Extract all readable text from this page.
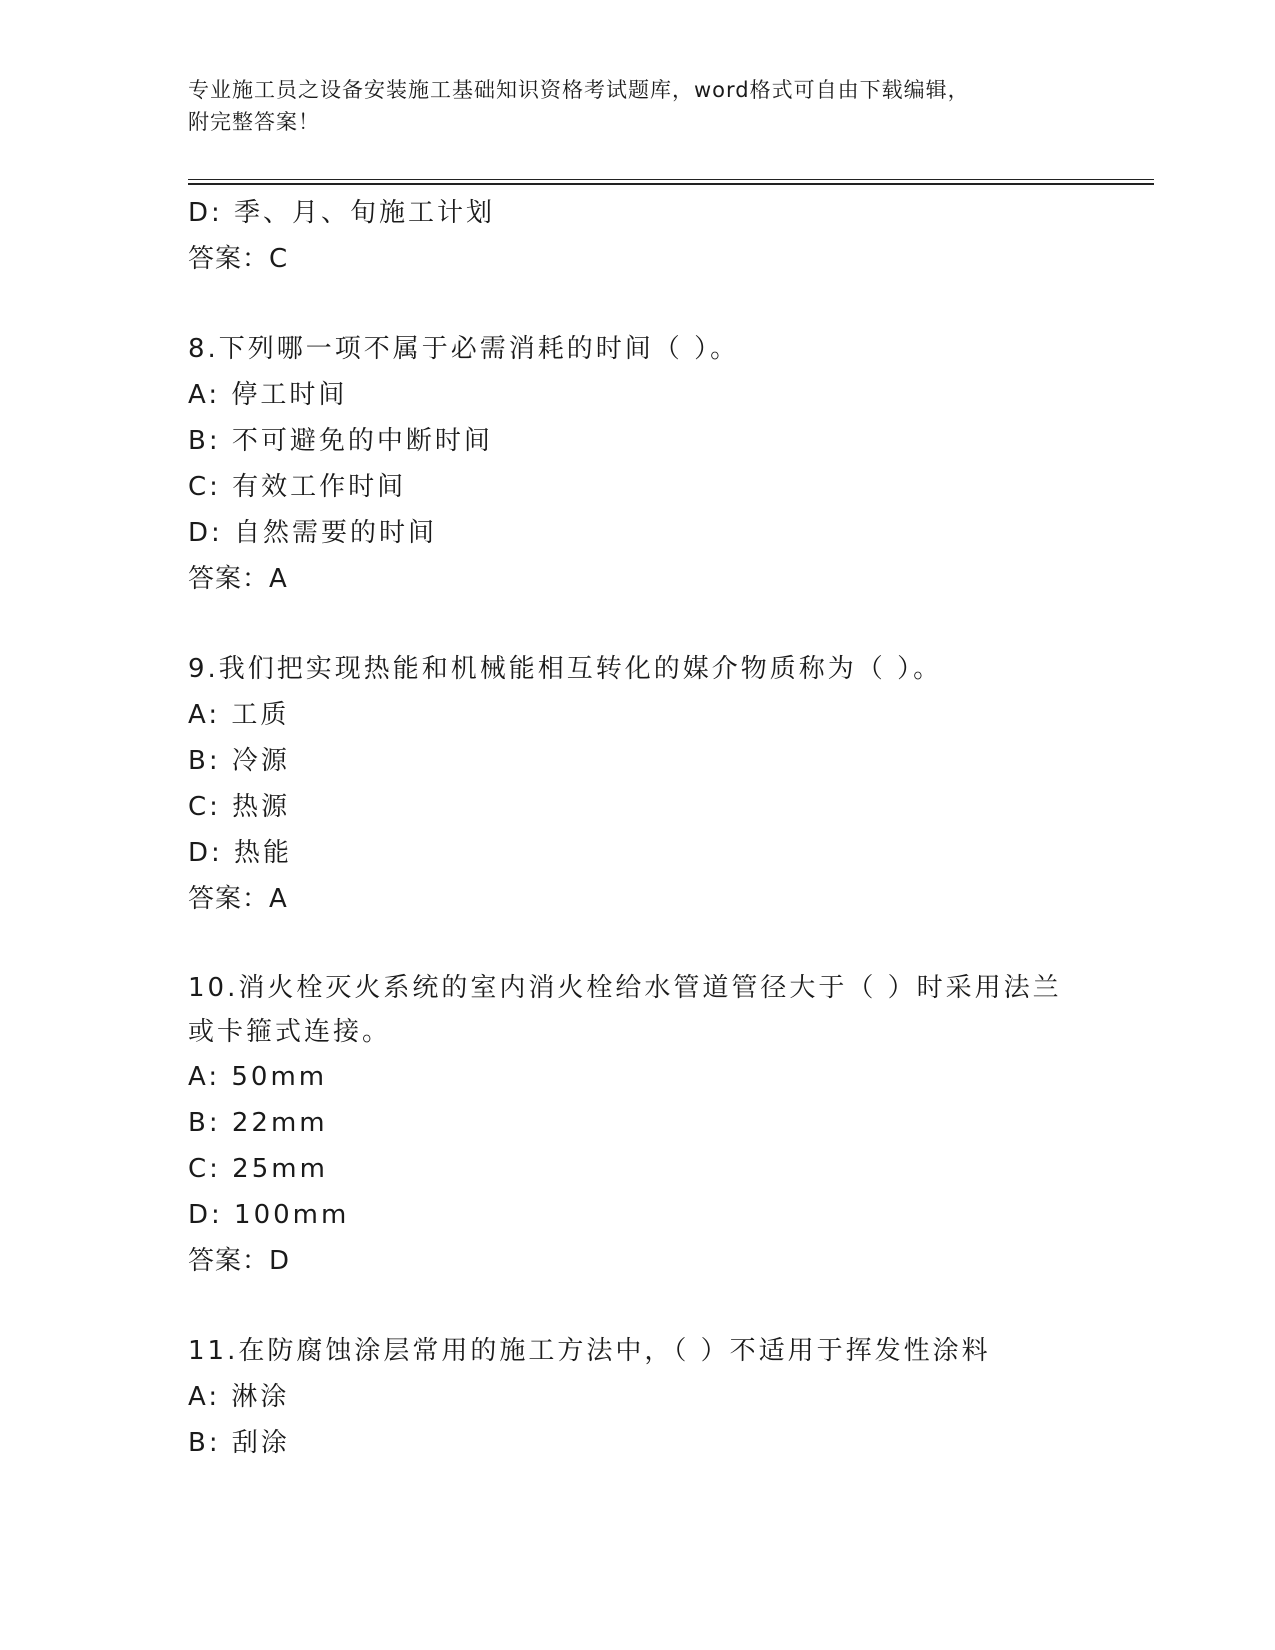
专业施工员之设备安装施工基础知识资格考试题库，word格式可自由下载编辑，
附完整答案！
D: 季、月、旬施工计划
答案：C
8.下列哪一项不属于必需消耗的时间（ ）。
A: 停工时间
B: 不可避免的中断时间
C: 有效工作时间
D: 自然需要的时间
答案：A
9.我们把实现热能和机械能相互转化的媒介物质称为（ ）。
A: 工质
B: 冷源
C: 热源
D: 热能
答案：A
10.消火栓灭火系统的室内消火栓给水管道管径大于（ ）时采用法兰
或卡箍式连接。
A: 50mm
B: 22mm
C: 25mm
D: 100mm
答案：D
11.在防腐蚀涂层常用的施工方法中，（ ）不适用于挥发性涂料
A: 淋涂
B: 刮涂
